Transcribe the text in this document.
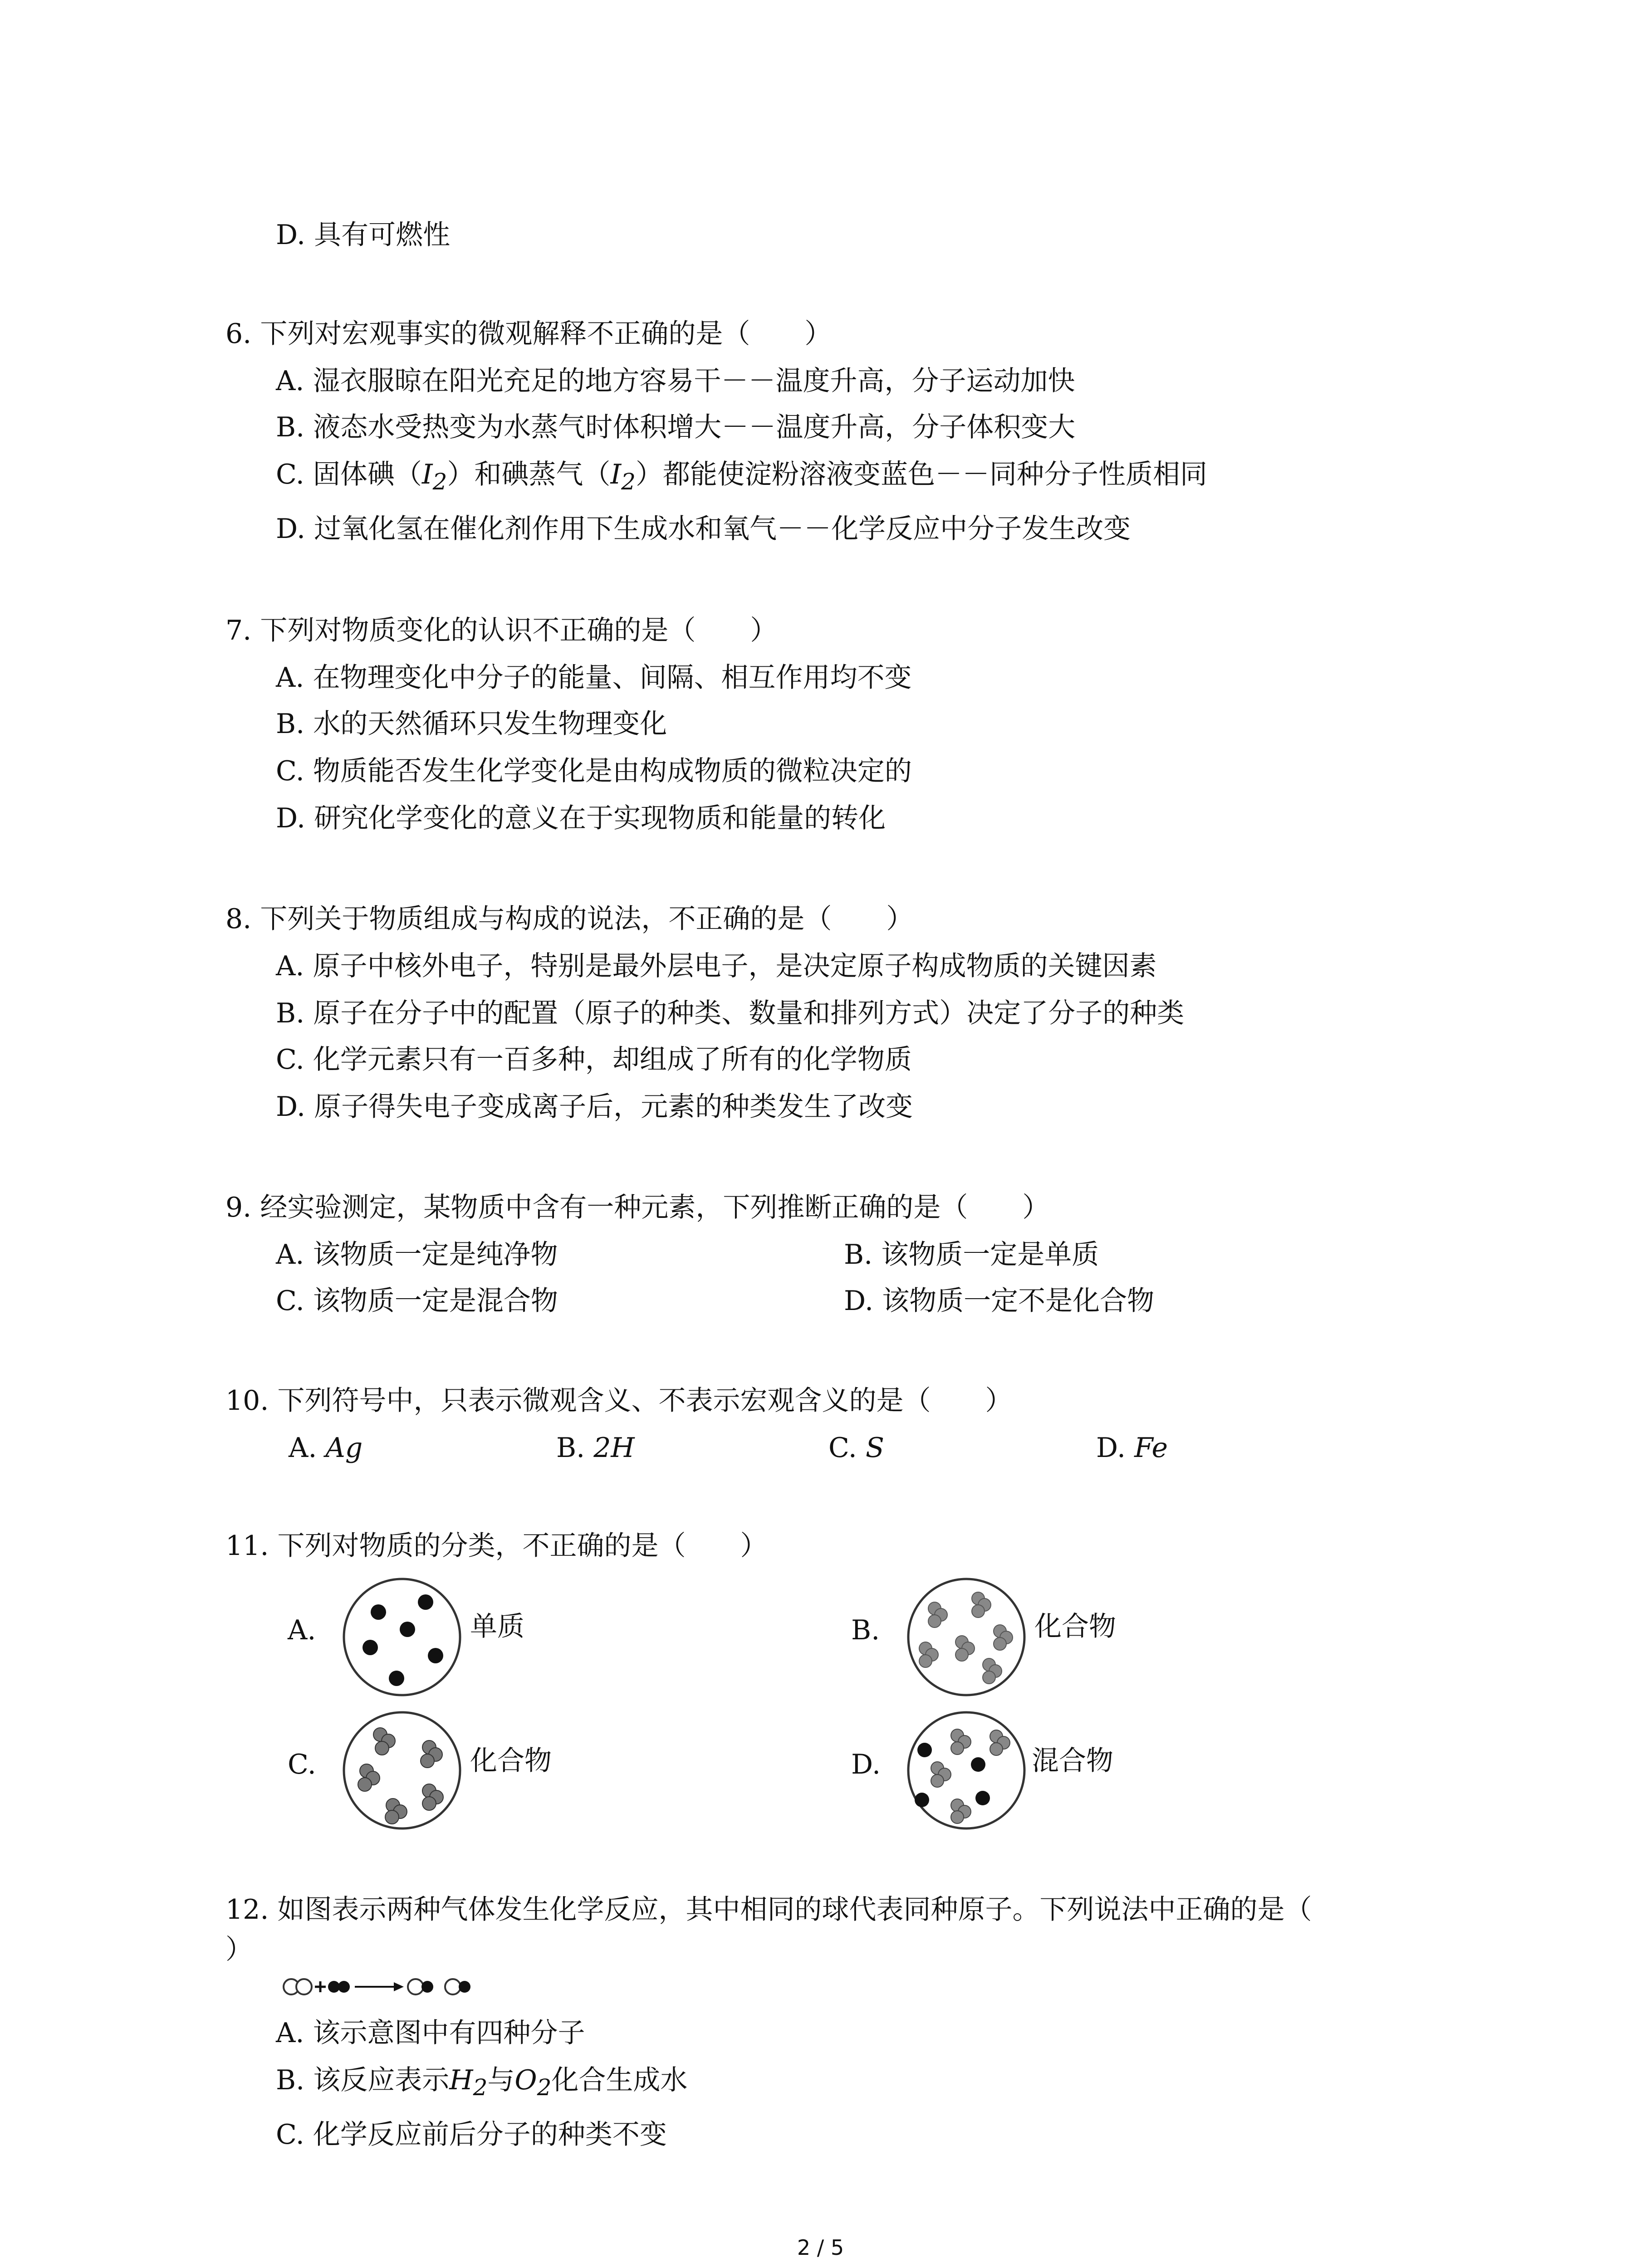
D. 具有可燃性
6. 下列对宏观事实的微观解释不正确的是（　　）
A. 湿衣服晾在阳光充足的地方容易干－－温度升高，分子运动加快
B. 液态水受热变为水蒸气时体积增大－－温度升高，分子体积变大
C. 固体碘$(I_2)$和碘蒸气$(I_2)$都能使淀粉溶液变蓝色－－同种分子性质相同
D. 过氧化氢在催化剂作用下生成水和氧气－－化学反应中分子发生改变
7. 下列对物质变化的认识不正确的是（　　）
A. 在物理变化中分子的能量、间隔、相互作用均不变
B. 水的天然循环只发生物理变化
C. 物质能否发生化学变化是由构成物质的微粒决定的
D. 研究化学变化的意义在于实现物质和能量的转化
8. 下列关于物质组成与构成的说法，不正确的是（　　）
A. 原子中核外电子，特别是最外层电子，是决定原子构成物质的关键因素
B. 原子在分子中的配置（原子的种类、数量和排列方式）决定了分子的种类
C. 化学元素只有一百多种，却组成了所有的化学物质
D. 原子得失电子变成离子后，元素的种类发生了改变
9. 经实验测定，某物质中含有一种元素，下列推断正确的是（　　）
A. 该物质一定是纯净物	B. 该物质一定是单质
C. 该物质一定是混合物	D. 该物质一定不是化合物
10. 下列符号中，只表示微观含义、不表示宏观含义的是（　　）
A. Ag	B. 2H	C. S	D. Fe
11. 下列对物质的分类，不正确的是（　　）
A.	单质	B.	化合物
C.	化合物	D.	混合物
12. 如图表示两种气体发生化学反应，其中相同的球代表同种原子。下列说法中正确的是（
）
A. 该示意图中有四种分子
B. 该反应表示$H_2$与$O_2$化合生成水
C. 化学反应前后分子的种类不变
2 / 5
